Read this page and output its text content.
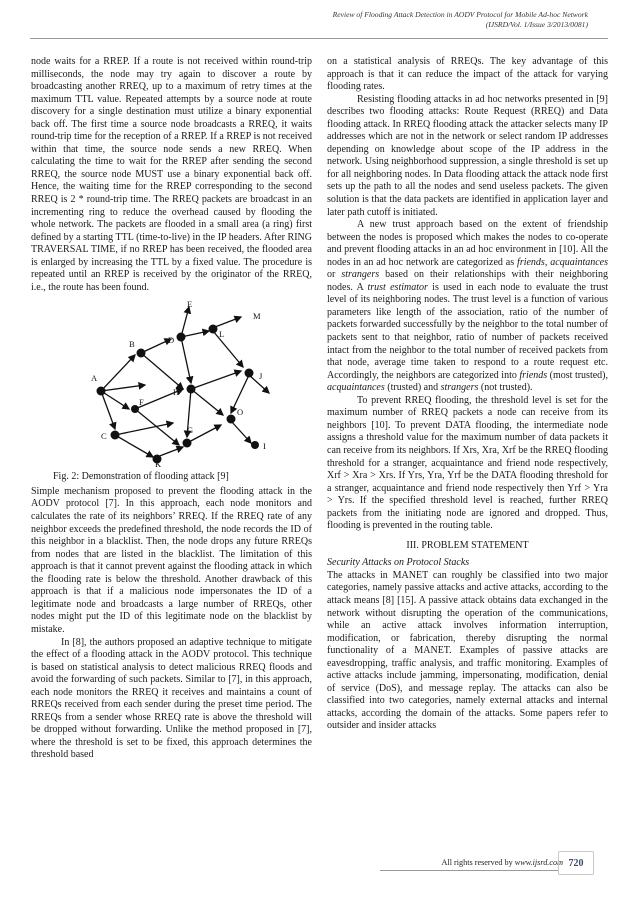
Review of Flooding Attack Detection in AODV Protocol for Mobile Ad-hoc Network
(IJSRD/Vol. 1/Issue 3/2013/0081)

node waits for a RREP. If a route is not received within round-trip milliseconds, the node may try again to discover a route by broadcasting another RREQ, up to a maximum of retry times at the maximum TTL value. Repeated attempts by a source node at route discovery for a single destination must utilize a binary exponential back off. The first time a source node broadcasts a RREQ, it waits round-trip time for the reception of a RREP. If a RREP is not received within that time, the source node sends a new RREQ. When calculating the time to wait for the RREP after sending the second RREQ, the source node MUST use a binary exponential back off. Hence, the waiting time for the RREP corresponding to the second RREQ is 2 * round-trip time. The RREQ packets are broadcast in an incrementing ring to reduce the overhead caused by flooding the whole network. The packets are flooded in a small area (a ring) first defined by a starting TTL (time-to-live) in the IP headers. After RING TRAVERSAL TIME, if no RREP has been received, the flooded area is enlarged by increasing the TTL by a fixed value. The procedure is repeated until an RREP is received by the originator of the RREQ, i.e., the route has been found.

A
B
C
D
E
F
G
H
I
J
K
L
M
O

Fig. 2: Demonstration of flooding attack [9]

Simple mechanism proposed to prevent the flooding attack in the AODV protocol [7]. In this approach, each node monitors and calculates the rate of its neighbors’ RREQ. If the RREQ rate of any neighbor exceeds the predefined threshold, the node records the ID of this neighbor in a blacklist. Then, the node drops any future RREQs from nodes that are listed in the blacklist. The limitation of this approach is that it cannot prevent against the flooding attack in which the flooding rate is below the threshold. Another drawback of this approach is that if a malicious node impersonates the ID of a legitimate node and broadcasts a large number of RREQs, other nodes might put the ID of this legitimate node on the blacklist by mistake.

In [8], the authors proposed an adaptive technique to mitigate the effect of a flooding attack in the AODV protocol. This technique is based on statistical analysis to detect malicious RREQ floods and avoid the forwarding of such packets. Similar to [7], in this approach, each node monitors the RREQ it receives and maintains a count of RREQs received from each sender during the preset time period. The RREQs from a sender whose RREQ rate is above the threshold will be dropped without forwarding. Unlike the method proposed in [7], where the threshold is set to be fixed, this approach determines the threshold based

on a statistical analysis of RREQs. The key advantage of this approach is that it can reduce the impact of the attack for varying flooding rates.

Resisting flooding attacks in ad hoc networks presented in [9] describes two flooding attacks: Route Request (RREQ) and Data flooding attack. In RREQ flooding attack the attacker selects many IP addresses which are not in the network or select random IP addresses depending on knowledge about scope of the IP address in the network. Using neighborhood suppression, a single threshold is set up for all neighboring nodes. In Data flooding attack the attack node first sets up the path to all the nodes and send useless packets. The given solution is that the data packets are identified in application layer and later path cutoff is initiated.

A new trust approach based on the extent of friendship between the nodes is proposed which makes the nodes to co-operate and prevent flooding attacks in an ad hoc environment in [10]. All the nodes in an ad hoc network are categorized as friends, acquaintances or strangers based on their relationships with their neighboring nodes. A trust estimator is used in each node to evaluate the trust level of its neighboring nodes. The trust level is a function of various parameters like length of the association, ratio of the number of packets forwarded successfully by the neighbor to the total number of packets sent to that neighbor, ratio of number of packets received intact from the neighbor to the total number of received packets from that node, average time taken to respond to a route request etc. Accordingly, the neighbors are categorized into friends (most trusted), acquaintances (trusted) and strangers (not trusted).

To prevent RREQ flooding, the threshold level is set for the maximum number of RREQ packets a node can receive from its neighbors [10]. To prevent DATA flooding, the intermediate node assigns a threshold value for the maximum number of data packets it can receive from its neighbors. If Xrs, Xra, Xrf be the RREQ flooding threshold for a stranger, acquaintance and friend node respectively, Xrf > Xra > Xrs. If Yrs, Yra, Yrf be the DATA flooding threshold for a stranger, acquaintance and friend node respectively then Yrf > Yra > Yrs. If the specified threshold level is reached, further RREQ packets from the initiating node are ignored and dropped. Thus, flooding is prevented in the routing table.

III. PROBLEM STATEMENT

Security Attacks on Protocol Stacks

The attacks in MANET can roughly be classified into two major categories, namely passive attacks and active attacks, according to the attack means [8] [15]. A passive attack obtains data exchanged in the network without disrupting the operation of the communications, while an active attack involves information interruption, modification, or fabrication, thereby disrupting the normal functionality of a MANET. Examples of passive attacks are eavesdropping, traffic analysis, and traffic monitoring. Examples of active attacks include jamming, impersonating, modification, denial of service (DoS), and message replay. The attacks can also be classified into two categories, namely external attacks and internal attacks, according the domain of the attacks. Some papers refer to outsider and insider attacks

All rights reserved by www.ijsrd.com 720
